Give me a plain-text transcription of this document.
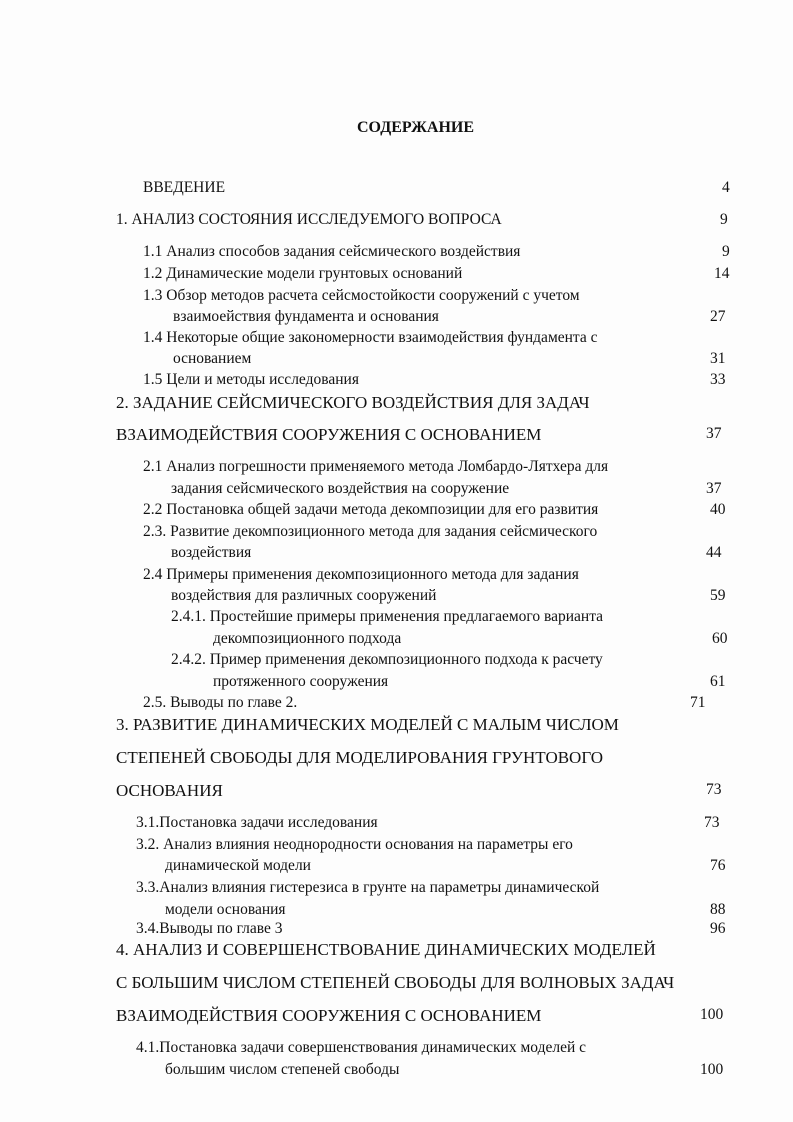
СОДЕРЖАНИЕ
ВВЕДЕНИЕ	4
1. АНАЛИЗ СОСТОЯНИЯ ИССЛЕДУЕМОГО ВОПРОСА	9
1.1 Анализ способов задания сейсмического воздействия	9
1.2 Динамические модели грунтовых оснований	14
1.3 Обзор методов расчета сейсмостойкости сооружений с учетом
взаимоействия фундамента и основания	27
1.4 Некоторые общие закономерности взаимодействия фундамента с
основанием	31
1.5 Цели и методы исследования	33
2. ЗАДАНИЕ СЕЙСМИЧЕСКОГО ВОЗДЕЙСТВИЯ ДЛЯ ЗАДАЧ
ВЗАИМОДЕЙСТВИЯ СООРУЖЕНИЯ С ОСНОВАНИЕМ	37
2.1 Анализ погрешности применяемого метода Ломбардо-Лятхера для
задания сейсмического воздействия на сооружение	37
2.2 Постановка общей задачи метода декомпозиции для его развития	40
2.3. Развитие декомпозиционного метода для задания сейсмического
воздействия	44
2.4 Примеры применения декомпозиционного метода для задания
воздействия для различных сооружений	59
2.4.1. Простейшие примеры применения предлагаемого варианта
декомпозиционного подхода	60
2.4.2. Пример применения декомпозиционного подхода к расчету
протяженного сооружения	61
2.5. Выводы по главе 2.	71
3. РАЗВИТИЕ ДИНАМИЧЕСКИХ МОДЕЛЕЙ С МАЛЫМ ЧИСЛОМ
СТЕПЕНЕЙ СВОБОДЫ ДЛЯ МОДЕЛИРОВАНИЯ ГРУНТОВОГО
ОСНОВАНИЯ	73
3.1.Постановка задачи исследования	73
3.2. Анализ влияния неоднородности основания на параметры его
динамической модели	76
3.3.Анализ влияния гистерезиса в грунте на параметры динамической
модели основания	88
3.4.Выводы по главе 3	96
4. АНАЛИЗ И СОВЕРШЕНСТВОВАНИЕ ДИНАМИЧЕСКИХ МОДЕЛЕЙ
С БОЛЬШИМ ЧИСЛОМ СТЕПЕНЕЙ СВОБОДЫ ДЛЯ ВОЛНОВЫХ ЗАДАЧ
ВЗАИМОДЕЙСТВИЯ СООРУЖЕНИЯ С ОСНОВАНИЕМ	100
4.1.Постановка задачи совершенствования динамических моделей с
большим числом степеней свободы	100
